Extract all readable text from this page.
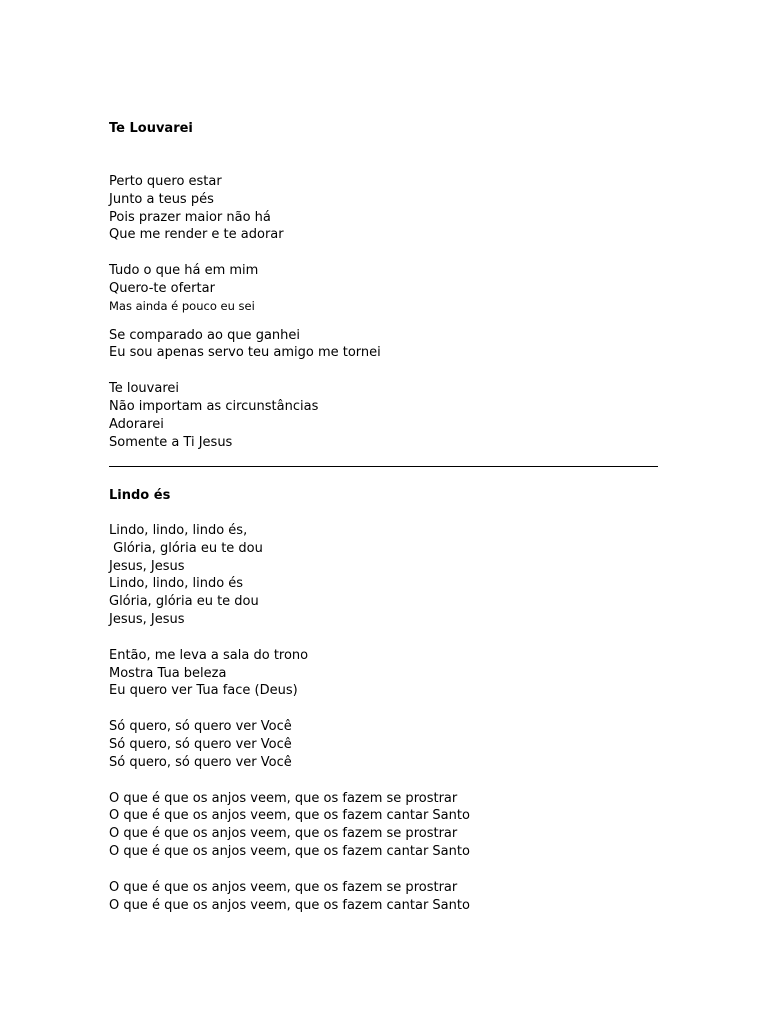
Te Louvarei
Perto quero estar
Junto a teus pés
Pois prazer maior não há
Que me render e te adorar
Tudo o que há em mim
Quero-te ofertar
Mas ainda é pouco eu sei
Se comparado ao que ganhei
Eu sou apenas servo teu amigo me tornei
Te louvarei
Não importam as circunstâncias
Adorarei
Somente a Ti Jesus
Lindo és
Lindo, lindo, lindo és,
Glória, glória eu te dou
Jesus, Jesus
Lindo, lindo, lindo és
Glória, glória eu te dou
Jesus, Jesus
Então, me leva a sala do trono
Mostra Tua beleza
Eu quero ver Tua face (Deus)
Só quero, só quero ver Você
Só quero, só quero ver Você
Só quero, só quero ver Você
O que é que os anjos veem, que os fazem se prostrar
O que é que os anjos veem, que os fazem cantar Santo
O que é que os anjos veem, que os fazem se prostrar
O que é que os anjos veem, que os fazem cantar Santo
O que é que os anjos veem, que os fazem se prostrar
O que é que os anjos veem, que os fazem cantar Santo
